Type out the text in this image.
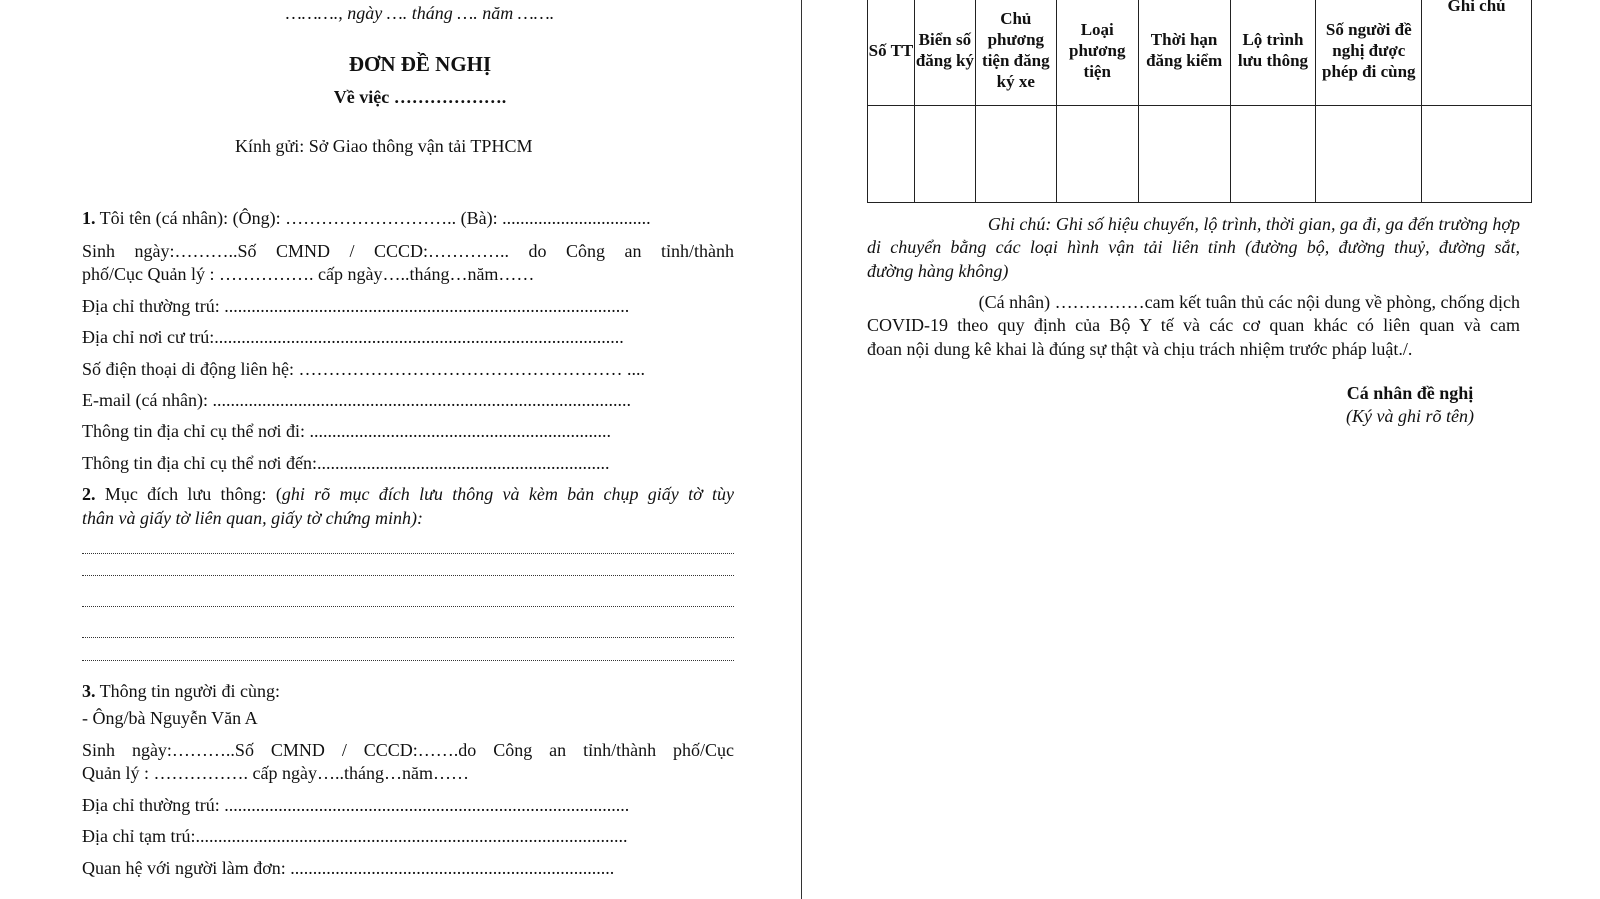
………., ngày …. tháng …. năm …….
ĐƠN ĐỀ NGHỊ
Về việc ……………….
Kính gửi: Sở Giao thông vận tải TPHCM
1. Tôi tên (cá nhân): (Ông): ……………………….. (Bà): .................................
Sinh ngày:………..Số CMND / CCCD:………….. do Công an tỉnh/thành
phố/Cục Quản lý : ……………. cấp ngày…..tháng…năm……
Địa chỉ thường trú: ..........................................................................................
Địa chỉ nơi cư trú:...........................................................................................
Số điện thoại di động liên hệ: ……………………………………………… ....
E-mail (cá nhân): .............................................................................................
Thông tin địa chỉ cụ thể nơi đi: ...................................................................
Thông tin địa chỉ cụ thể nơi đến:.................................................................
2. Mục đích lưu thông: (ghi rõ mục đích lưu thông và kèm bản chụp giấy tờ tùy
thân và giấy tờ liên quan, giấy tờ chứng minh):
3. Thông tin người đi cùng:
- Ông/bà Nguyễn Văn A
Sinh ngày:………..Số CMND / CCCD:…….do Công an tỉnh/thành phố/Cục
Quản lý : ……………. cấp ngày…..tháng…năm……
Địa chỉ thường trú: ..........................................................................................
Địa chỉ tạm trú:................................................................................................
Quan hệ với người làm đơn: ........................................................................
Số TT	Biển số đăng ký	Chủ phương tiện đăng ký xe	Loại phương tiện	Thời hạn đăng kiểm	Lộ trình lưu thông	Số người đề nghị được phép đi cùng	Ghi chú

Ghi chú: Ghi số hiệu chuyến, lộ trình, thời gian, ga đi, ga đến trường hợp
di chuyển bằng các loại hình vận tải liên tỉnh (đường bộ, đường thuỷ, đường sắt,
đường hàng không)
(Cá nhân) ……………cam kết tuân thủ các nội dung về phòng, chống dịch
COVID-19 theo quy định của Bộ Y tế và các cơ quan khác có liên quan và cam
đoan nội dung kê khai là đúng sự thật và chịu trách nhiệm trước pháp luật./.
Cá nhân đề nghị
(Ký và ghi rõ tên)
